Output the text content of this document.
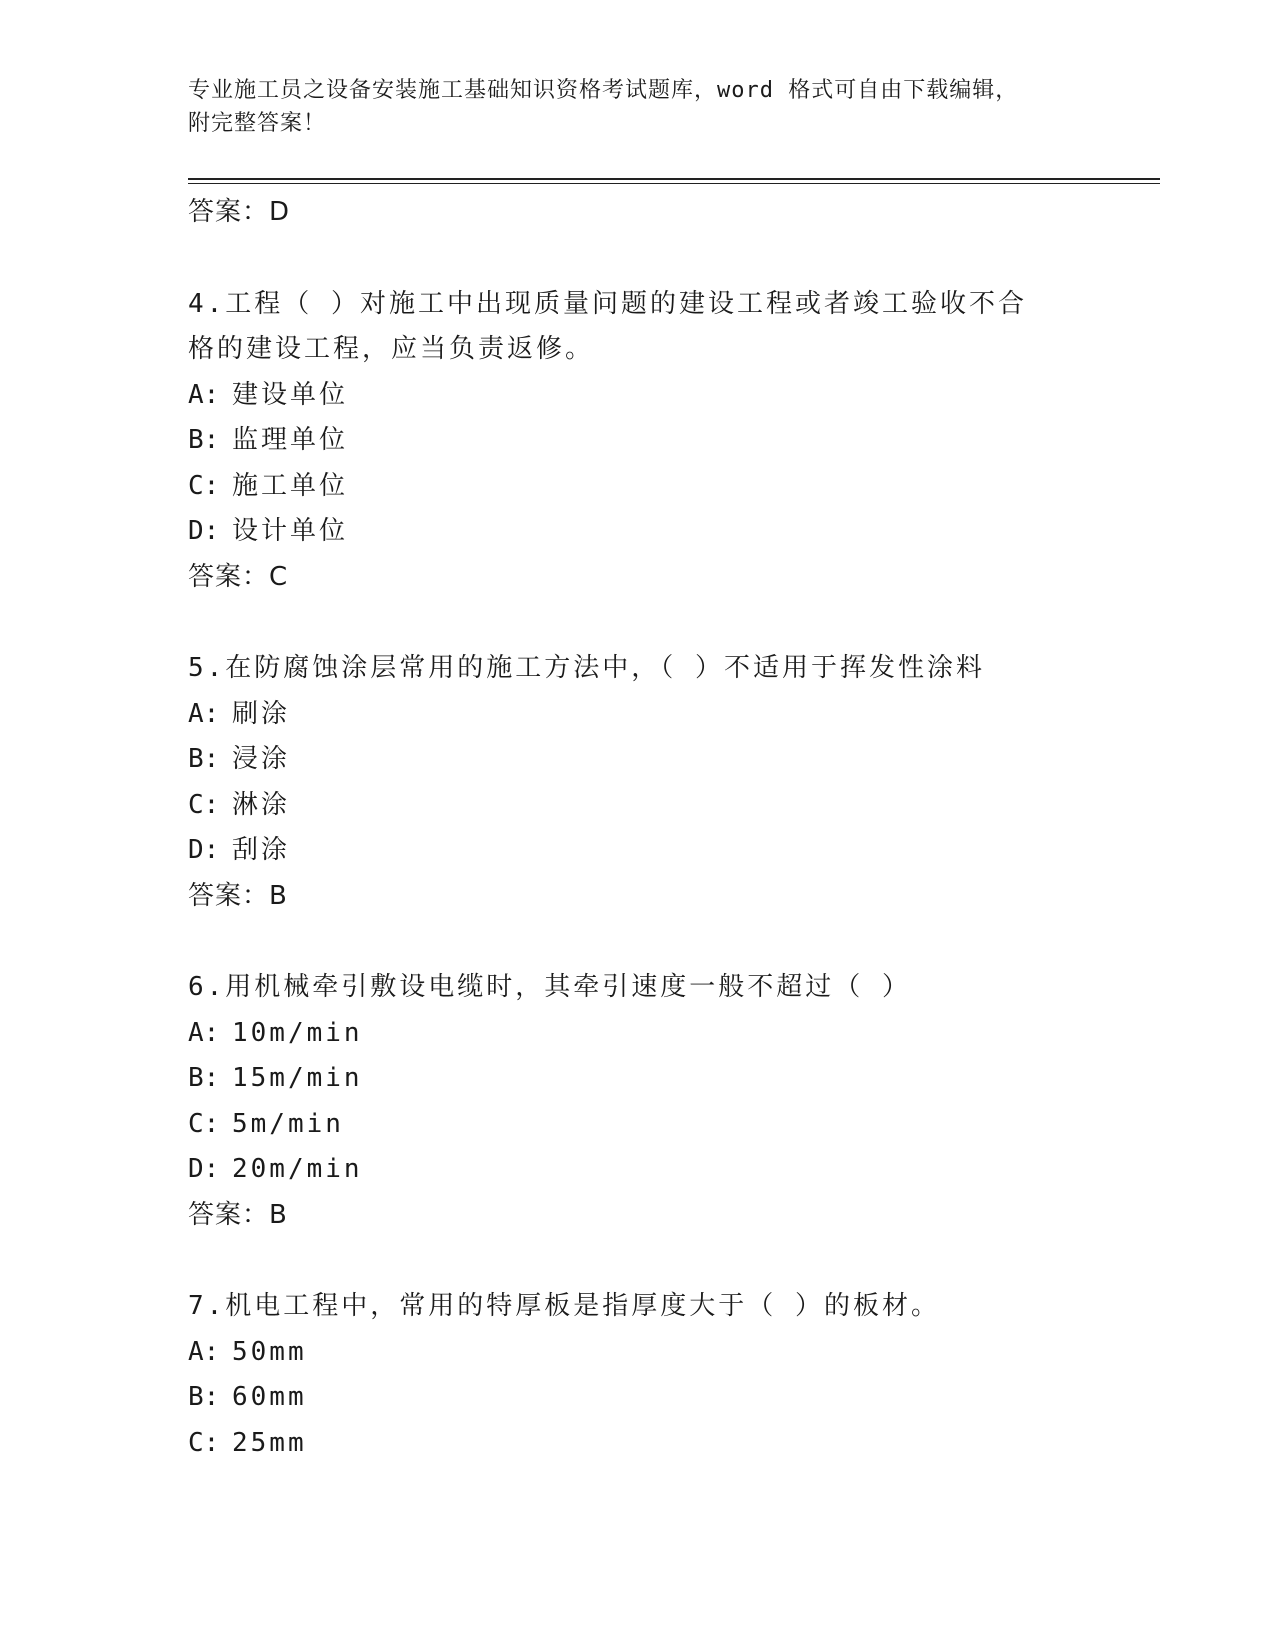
专业施工员之设备安装施工基础知识资格考试题库，word 格式可自由下载编辑，
附完整答案！
答案：D
4.工程（ ）对施工中出现质量问题的建设工程或者竣工验收不合格的建设工程，应当负责返修。
A: 建设单位
B: 监理单位
C: 施工单位
D: 设计单位
答案：C
5.在防腐蚀涂层常用的施工方法中，（ ）不适用于挥发性涂料
A: 刷涂
B: 浸涂
C: 淋涂
D: 刮涂
答案：B
6.用机械牵引敷设电缆时，其牵引速度一般不超过（ ）
A: 10m/min
B: 15m/min
C: 5m/min
D: 20m/min
答案：B
7.机电工程中，常用的特厚板是指厚度大于（ ）的板材。
A: 50mm
B: 60mm
C: 25mm
